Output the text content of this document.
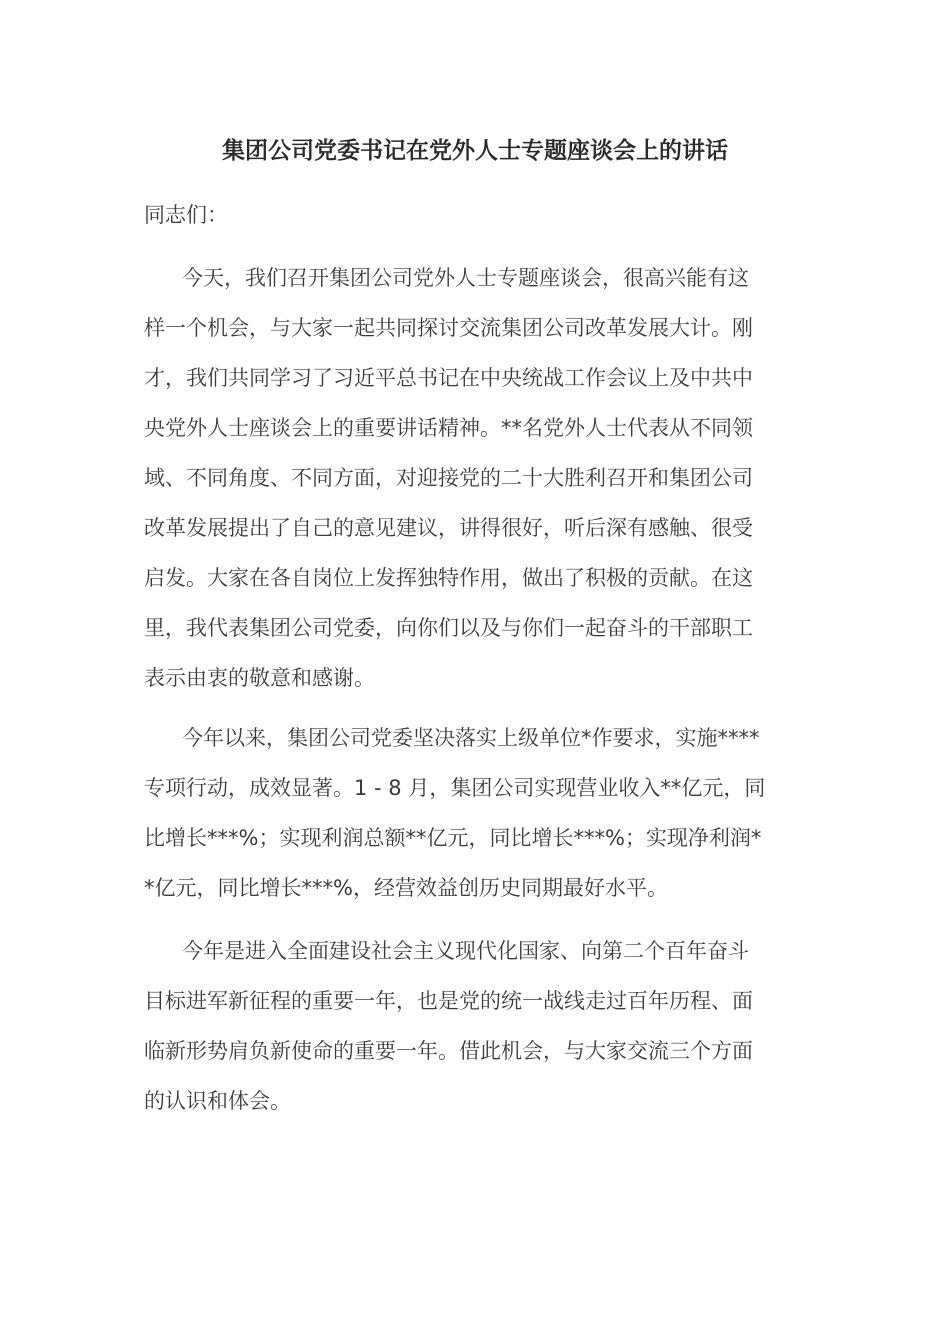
集团公司党委书记在党外人士专题座谈会上的讲话
同志们：
今天，我们召开集团公司党外人士专题座谈会，很高兴能有这
样一个机会，与大家一起共同探讨交流集团公司改革发展大计。刚
才，我们共同学习了习近平总书记在中央统战工作会议上及中共中
央党外人士座谈会上的重要讲话精神。**名党外人士代表从不同领
域、不同角度、不同方面，对迎接党的二十大胜利召开和集团公司
改革发展提出了自己的意见建议，讲得很好，听后深有感触、很受
启发。大家在各自岗位上发挥独特作用，做出了积极的贡献。在这
里，我代表集团公司党委，向你们以及与你们一起奋斗的干部职工
表示由衷的敬意和感谢。
今年以来，集团公司党委坚决落实上级单位*作要求，实施****
专项行动，成效显著。1 - 8 月，集团公司实现营业收入**亿元，同
比增长***%；实现利润总额**亿元，同比增长***%；实现净利润*
*亿元，同比增长***%，经营效益创历史同期最好水平。
今年是进入全面建设社会主义现代化国家、向第二个百年奋斗
目标进军新征程的重要一年，也是党的统一战线走过百年历程、面
临新形势肩负新使命的重要一年。借此机会，与大家交流三个方面
的认识和体会。
